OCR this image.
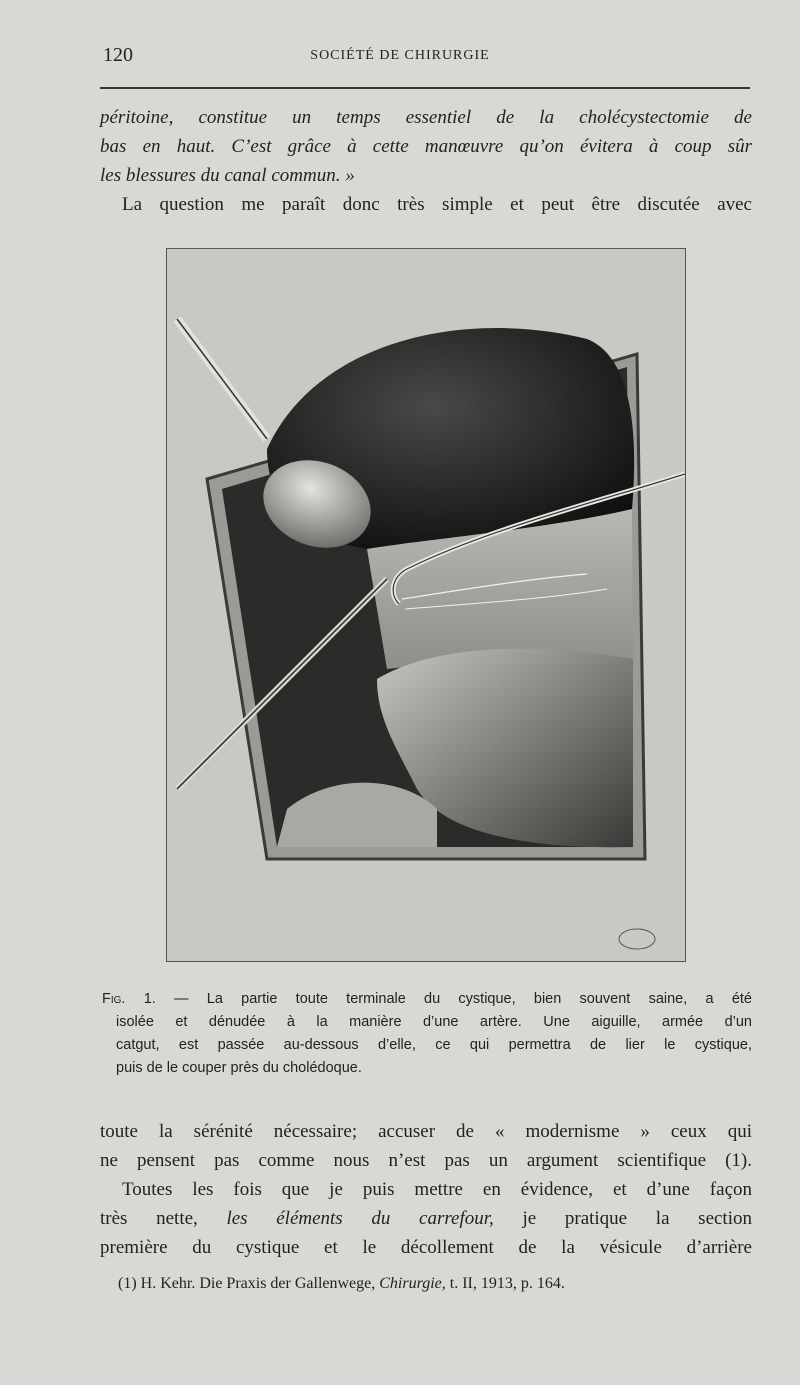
120	SOCIÉTÉ DE CHIRURGIE
péritoine, constitue un temps essentiel de la cholécystectomie de
bas en haut. C’est grâce à cette manœuvre qu’on évitera à coup sûr
les blessures du canal commun. »
La question me paraît donc très simple et peut être discutée avec
Fig. 1. — La partie toute terminale du cystique, bien souvent saine, a été
isolée et dénudée à la manière d’une artère. Une aiguille, armée d’un
catgut, est passée au-dessous d’elle, ce qui permettra de lier le cystique,
puis de le couper près du cholédoque.
toute la sérénité nécessaire; accuser de « modernisme » ceux qui
ne pensent pas comme nous n’est pas un argument scientifique (1).
Toutes les fois que je puis mettre en évidence, et d’une façon
très nette, les éléments du carrefour, je pratique la section
première du cystique et le décollement de la vésicule d’arrière
(1) H. Kehr. Die Praxis der Gallenwege, Chirurgie, t. II, 1913, p. 164.
